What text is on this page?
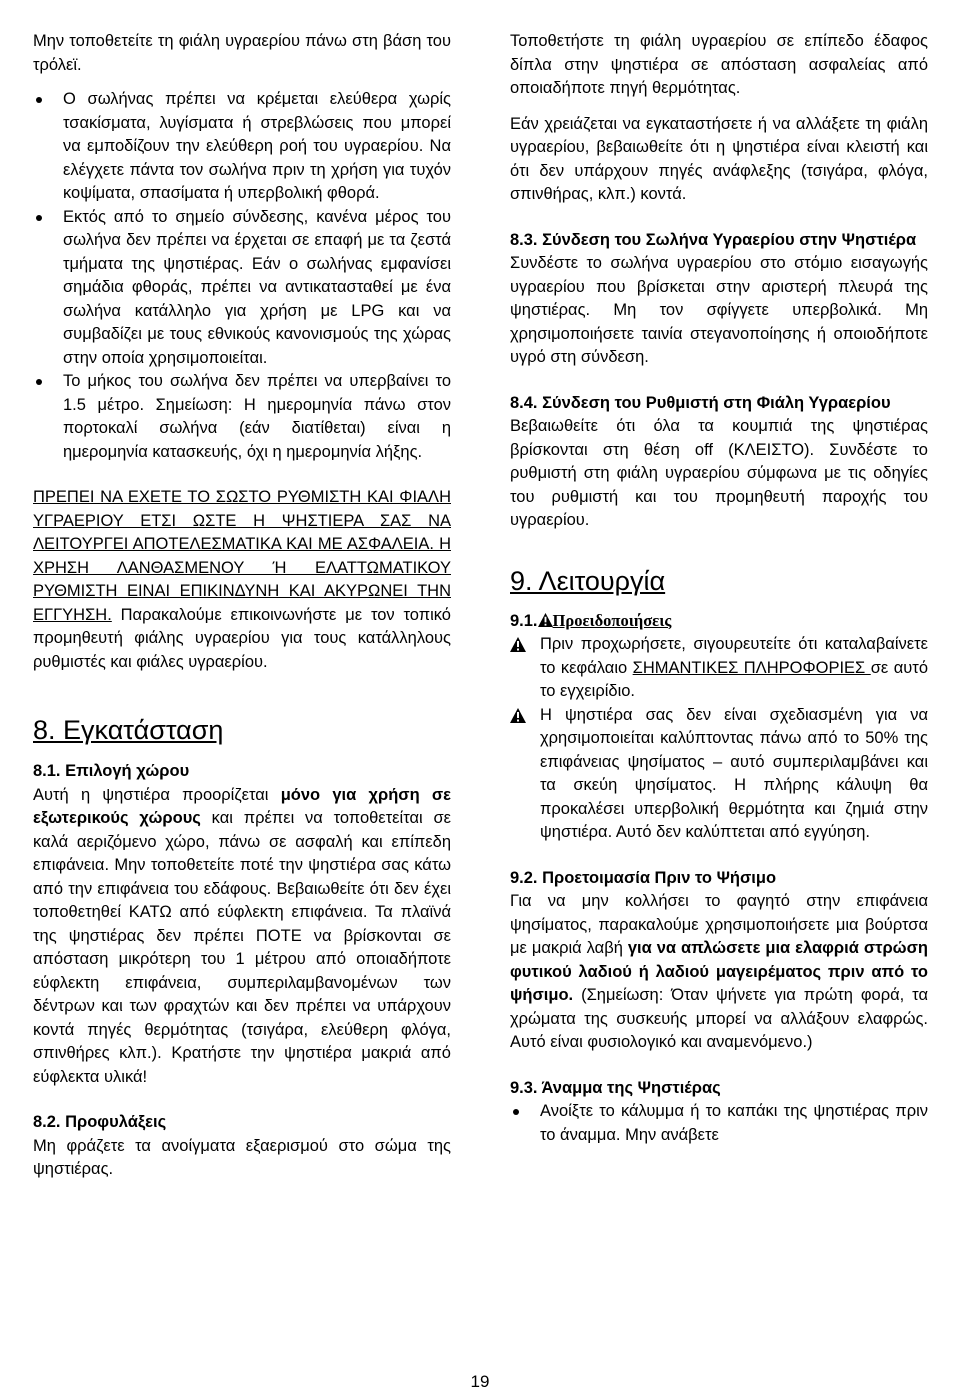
Μην τοποθετείτε τη φιάλη υγραερίου πάνω στη βάση του τρόλεϊ.

Ο σωλήνας πρέπει να κρέμεται ελεύθερα χωρίς τσακίσματα, λυγίσματα ή στρεβλώσεις που μπορεί να εμποδίζουν την ελεύθερη ροή του υγραερίου. Να ελέγχετε πάντα τον σωλήνα πριν τη χρήση για τυχόν κοψίματα, σπασίματα ή υπερβολική φθορά.
Εκτός από το σημείο σύνδεσης, κανένα μέρος του σωλήνα δεν πρέπει να έρχεται σε επαφή με τα ζεστά τμήματα της ψηστιέρας. Εάν ο σωλήνας εμφανίσει σημάδια φθοράς, πρέπει να αντικατασταθεί με ένα σωλήνα κατάλληλο για χρήση με LPG και να συμβαδίζει με τους εθνικούς κανονισμούς της χώρας στην οποία χρησιμοποιείται.
Το μήκος του σωλήνα δεν πρέπει να υπερβαίνει το 1.5 μέτρο. Σημείωση: Η ημερομηνία πάνω στον πορτοκαλί σωλήνα (εάν διατίθεται) είναι η ημερομηνία κατασκευής, όχι η ημερομηνία λήξης.

ΠΡΕΠΕΙ ΝΑ ΕΧΕΤΕ ΤΟ ΣΩΣΤΟ ΡΥΘΜΙΣΤΗ ΚΑΙ ΦΙΑΛΗ ΥΓΡΑΕΡΙΟΥ ΕΤΣΙ ΩΣΤΕ Η ΨΗΣΤΙΕΡΑ ΣΑΣ ΝΑ ΛΕΙΤΟΥΡΓΕΙ ΑΠΟΤΕΛΕΣΜΑΤΙΚΑ ΚΑΙ ΜΕ ΑΣΦΑΛΕΙΑ. Η ΧΡΗΣΗ ΛΑΝΘΑΣΜΕΝΟΥ Ή ΕΛΑΤΤΩΜΑΤΙΚΟΥ ΡΥΘΜΙΣΤΗ ΕΙΝΑΙ ΕΠΙΚΙΝΔΥΝΗ ΚΑΙ ΑΚΥΡΩΝΕΙ ΤΗΝ ΕΓΓΥΗΣΗ. Παρακαλούμε επικοινωνήστε με τον τοπικό προμηθευτή φιάλης υγραερίου για τους κατάλληλους ρυθμιστές και φιάλες υγραερίου.

8. Εγκατάσταση

8.1. Επιλογή χώρου

Αυτή η ψηστιέρα προορίζεται μόνο για χρήση σε εξωτερικούς χώρους και πρέπει να τοποθετείται σε καλά αεριζόμενο χώρο, πάνω σε ασφαλή και επίπεδη επιφάνεια. Μην τοποθετείτε ποτέ την ψηστιέρα σας κάτω από την επιφάνεια του εδάφους. Βεβαιωθείτε ότι δεν έχει τοποθετηθεί ΚΑΤΩ από εύφλεκτη επιφάνεια. Τα πλαϊνά της ψηστιέρας δεν πρέπει ΠΟΤΕ να βρίσκονται σε απόσταση μικρότερη του 1 μέτρου από οποιαδήποτε εύφλεκτη επιφάνεια, συμπεριλαμβανομένων των δέντρων και των φραχτών και δεν πρέπει να υπάρχουν κοντά πηγές θερμότητας (τσιγάρα, ελεύθερη φλόγα, σπινθήρες κλπ.). Κρατήστε την ψηστιέρα μακριά από εύφλεκτα υλικά!

8.2. Προφυλάξεις

Μη φράζετε τα ανοίγματα εξαερισμού στο σώμα της ψηστιέρας.

Τοποθετήστε τη φιάλη υγραερίου σε επίπεδο έδαφος δίπλα στην ψηστιέρα σε απόσταση ασφαλείας από οποιαδήποτε πηγή θερμότητας.

Εάν χρειάζεται να εγκαταστήσετε ή να αλλάξετε τη φιάλη υγραερίου, βεβαιωθείτε ότι η ψηστιέρα είναι κλειστή και ότι δεν υπάρχουν πηγές ανάφλεξης (τσιγάρα, φλόγα, σπινθήρας, κλπ.) κοντά.

8.3. Σύνδεση του Σωλήνα Υγραερίου στην Ψηστιέρα

Συνδέστε το σωλήνα υγραερίου στο στόμιο εισαγωγής υγραερίου που βρίσκεται στην αριστερή πλευρά της ψηστιέρας. Μη τον σφίγγετε υπερβολικά. Μη χρησιμοποιήσετε ταινία στεγανοποίησης ή οποιοδήποτε υγρό στη σύνδεση.

8.4. Σύνδεση του Ρυθμιστή στη Φιάλη Υγραερίου

Βεβαιωθείτε ότι όλα τα κουμπιά της ψηστιέρας βρίσκονται στη θέση off (ΚΛΕΙΣΤΟ). Συνδέστε το ρυθμιστή στη φιάλη υγραερίου σύμφωνα με τις οδηγίες του ρυθμιστή και του προμηθευτή παροχής του υγραερίου.

9. Λειτουργία

9.1. Προειδοποιήσεις

Πριν προχωρήσετε, σιγουρευτείτε ότι καταλαβαίνετε το κεφάλαιο ΣΗΜΑΝΤΙΚΕΣ ΠΛΗΡΟΦΟΡΙΕΣ σε αυτό το εγχειρίδιο.
Η ψηστιέρα σας δεν είναι σχεδιασμένη για να χρησιμοποιείται καλύπτοντας πάνω από το 50% της επιφάνειας ψησίματος – αυτό συμπεριλαμβάνει και τα σκεύη ψησίματος. Η πλήρης κάλυψη θα προκαλέσει υπερβολική θερμότητα και ζημιά στην ψηστιέρα. Αυτό δεν καλύπτεται από εγγύηση.

9.2. Προετοιμασία Πριν το Ψήσιμο

Για να μην κολλήσει το φαγητό στην επιφάνεια ψησίματος, παρακαλούμε χρησιμοποιήσετε μια βούρτσα με μακριά λαβή για να απλώσετε μια ελαφριά στρώση φυτικού λαδιού ή λαδιού μαγειρέματος πριν από το ψήσιμο. (Σημείωση: Όταν ψήνετε για πρώτη φορά, τα χρώματα της συσκευής μπορεί να αλλάξουν ελαφρώς. Αυτό είναι φυσιολογικό και αναμενόμενο.)

9.3. Άναμμα της Ψηστιέρας

Ανοίξτε το κάλυμμα ή το καπάκι της ψηστιέρας πριν το άναμμα. Μην ανάβετε
19
